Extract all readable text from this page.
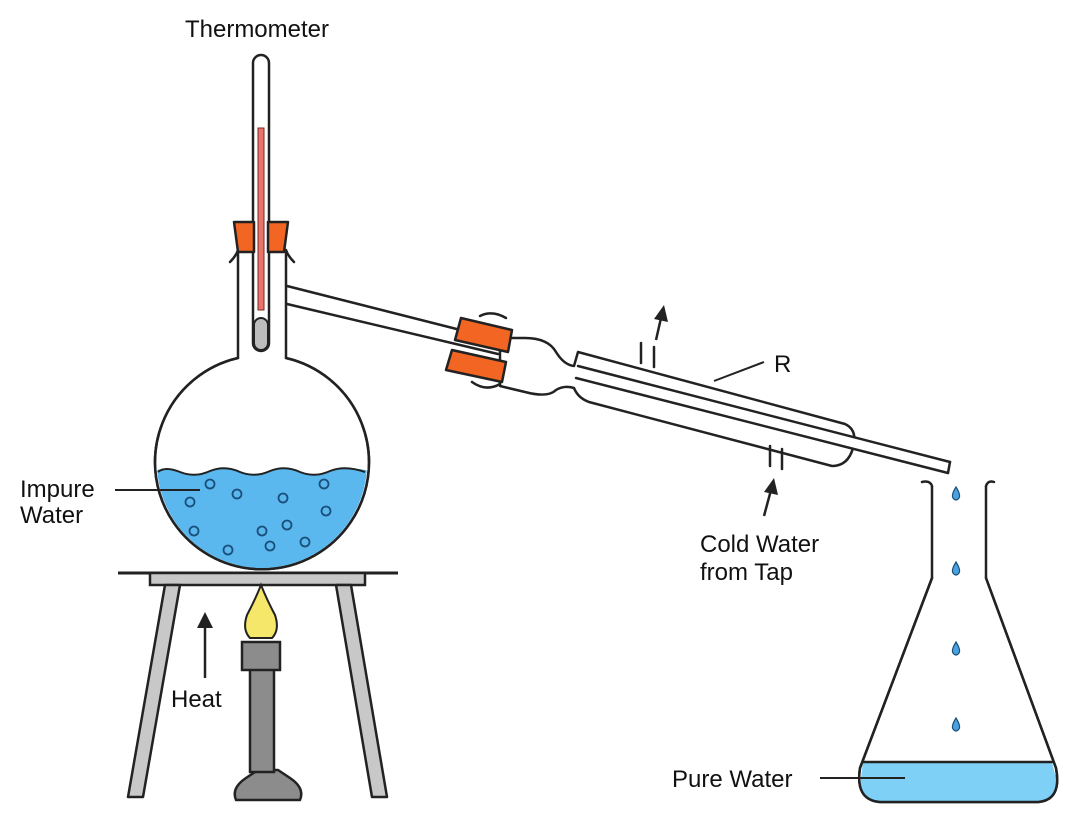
Thermometer
Impure
Water
Heat
R
Cold Water
from Tap
Pure Water
